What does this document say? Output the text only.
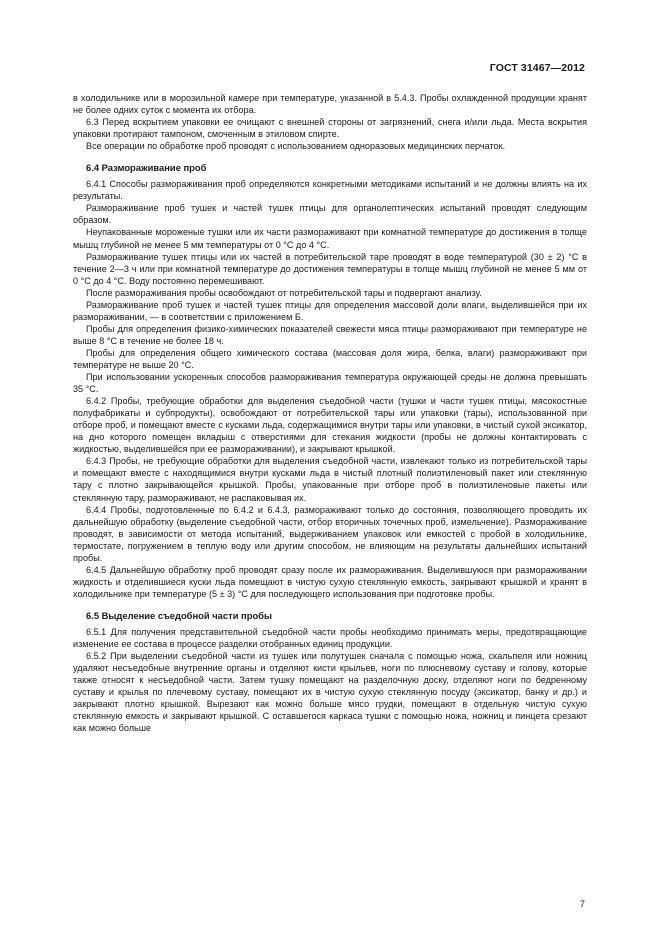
ГОСТ 31467—2012

в холодильнике или в морозильной камере при температуре, указанной в 5.4.3. Пробы охлажденной продукции хранят не более одних суток с момента их отбора.

6.3 Перед вскрытием упаковки ее очищают с внешней стороны от загрязнений, снега и/или льда. Места вскрытия упаковки протирают тампоном, смоченным в этиловом спирте.

Все операции по обработке проб проводят с использованием одноразовых медицинских перчаток.

6.4 Размораживание проб

6.4.1 Способы размораживания проб определяются конкретными методиками испытаний и не должны влиять на их результаты.

Размораживание проб тушек и частей тушек птицы для органолептических испытаний проводят следующим образом.

Неупакованные мороженые тушки или их части размораживают при комнатной температуре до достижения в толще мышц глубиной не менее 5 мм температуры от 0 °С до 4 °С.

Размораживание тушек птицы или их частей в потребительской таре проводят в воде температурой (30 ± 2) °С в течение 2—3 ч или при комнатной температуре до достижения температуры в толще мышц глубиной не менее 5 мм от 0 °С до 4 °С. Воду постоянно перемешивают.

После размораживания пробы освобождают от потребительской тары и подвергают анализу.

Размораживание проб тушек и частей тушек птицы для определения массовой доли влаги, выделившейся при их размораживании, — в соответствии с приложением Б.

Пробы для определения физико-химических показателей свежести мяса птицы размораживают при температуре не выше 8 °С в течение не более 18 ч.

Пробы для определения общего химического состава (массовая доля жира, белка, влаги) размораживают при температуре не выше 20 °С.

При использовании ускоренных способов размораживания температура окружающей среды не должна превышать 35 °С.

6.4.2 Пробы, требующие обработки для выделения съедобной части (тушки и части тушек птицы, мясокостные полуфабрикаты и субпродукты), освобождают от потребительской тары или упаковки (тары), использованной при отборе проб, и помещают вместе с кусками льда, содержащимися внутри тары или упаковки, в чистый сухой эксикатор, на дно которого помещен вкладыш с отверстиями для стекания жидкости (пробы не должны контактировать с жидкостью, выделившейся при ее размораживании), и закрывают крышкой.

6.4.3 Пробы, не требующие обработки для выделения съедобной части, извлекают только из потребительской тары и помещают вместе с находящимися внутри кусками льда в чистый плотный полиэтиленовый пакет или стеклянную тару с плотно закрывающейся крышкой. Пробы, упакованные при отборе проб в полиэтиленовые пакеты или стеклянную тару, размораживают, не распаковывая их.

6.4.4 Пробы, подготовленные по 6.4.2 и 6.4.3, размораживают только до состояния, позволяющего проводить их дальнейшую обработку (выделение съедобной части, отбор вторичных точечных проб, измельчение). Размораживание проводят, в зависимости от метода испытаний, выдерживанием упаковок или емкостей с пробой в холодильнике, термостате, погружением в теплую воду или другим способом, не влияющим на результаты дальнейших испытаний пробы.

6.4.5 Дальнейшую обработку проб проводят сразу после их размораживания. Выделившуюся при размораживании жидкость и отделившиеся куски льда помещают в чистую сухую стеклянную емкость, закрывают крышкой и хранят в холодильнике при температуре (5 ± 3) °С для последующего использования при подготовке пробы.

6.5 Выделение съедобной части пробы

6.5.1 Для получения представительной съедобной части пробы необходимо принимать меры, предотвращающие изменение ее состава в процессе разделки отобранных единиц продукции.

6.5.2 При выделении съедобной части из тушек или полутушек сначала с помощью ножа, скальпеля или ножниц удаляют несъедобные внутренние органы и отделяют кисти крыльев, ноги по плюсневому суставу и голову, которые также относят к несъедобной части. Затем тушку помещают на разделочную доску, отделяют ноги по бедренному суставу и крылья по плечевому суставу, помещают их в чистую сухую стеклянную посуду (эксикатор, банку и др.) и закрывают плотно крышкой. Вырезают как можно больше мясо грудки, помещают в отдельную чистую сухую стеклянную емкость и закрывают крышкой. С оставшегося каркаса тушки с помощью ножа, ножниц и пинцета срезают как можно больше

7
